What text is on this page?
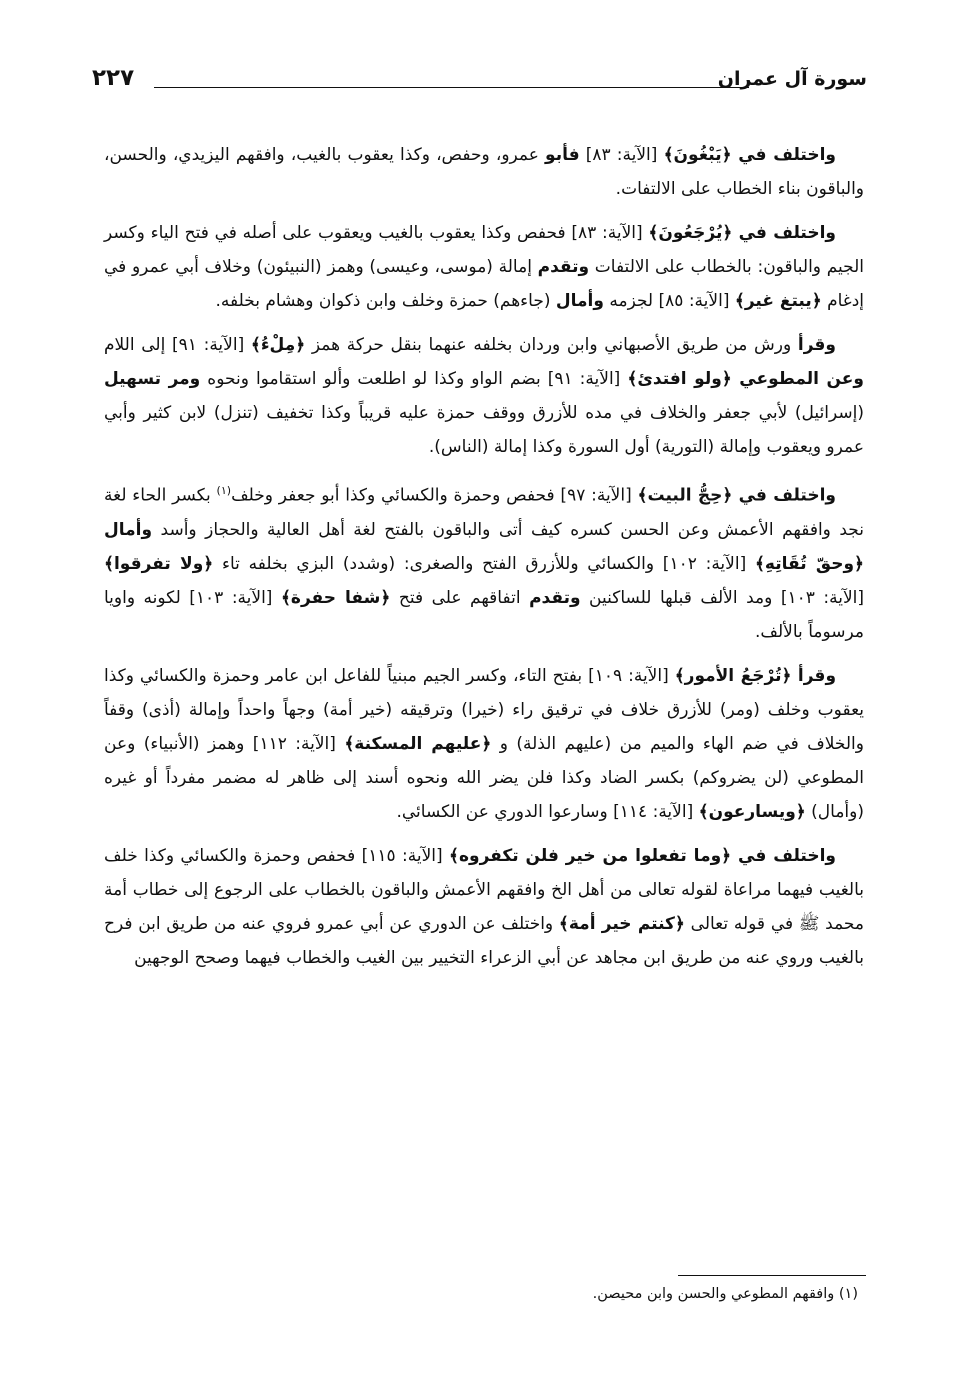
سورة آل عمران
٢٢٧

واختلف في ﴿يَبْغُونَ﴾ [الآية: ٨٣] فأبو عمرو، وحفص، وكذا يعقوب بالغيب، وافقهم اليزيدي، والحسن، والباقون بناء الخطاب على الالتفات.

واختلف في ﴿يُرْجَعُونَ﴾ [الآية: ٨٣] فحفص وكذا يعقوب بالغيب ويعقوب على أصله في فتح الياء وكسر الجيم والباقون: بالخطاب على الالتفات وتقدم إمالة (موسى، وعيسى) وهمز (النبيئون) وخلاف أبي عمرو في إدغام ﴿يبتغ غير﴾ [الآية: ٨٥] لجزمه وأمال (جاءهم) حمزة وخلف وابن ذكوان وهشام بخلفه.

وقرأ ورش من طريق الأصبهاني وابن وردان بخلفه عنهما بنقل حركة همز ﴿مِلْءُ﴾ [الآية: ٩١] إلى اللام وعن المطوعي ﴿ولو افتدئ﴾ [الآية: ٩١] بضم الواو وكذا لو اطلعت وألو استقاموا ونحوه ومر تسهيل (إسرائيل) لأبي جعفر والخلاف في مده للأزرق ووقف حمزة عليه قريباً وكذا تخفيف (تنزل) لابن كثير وأبي عمرو ويعقوب وإمالة (التورية) أول السورة وكذا إمالة (الناس).

واختلف في ﴿حِجُّ البيت﴾ [الآية: ٩٧] فحفص وحمزة والكسائي وكذا أبو جعفر وخلف$^{(١)}$ بكسر الحاء لغة نجد وافقهم الأعمش وعن الحسن كسره كيف أتى والباقون بالفتح لغة أهل العالية والحجاز وأسد وأمال ﴿وحقّ تُقَاتِهِ﴾ [الآية: ١٠٢] والكسائي وللأزرق الفتح والصغرى: (وشدد) البزي بخلفه تاء ﴿ولا تفرقوا﴾ [الآية: ١٠٣] ومد الألف قبلها للساكنين وتقدم اتفاقهم على فتح ﴿شفا حفرة﴾ [الآية: ١٠٣] لكونه واويا مرسوماً بالألف.

وقرأ ﴿تُرْجَعُ الأمور﴾ [الآية: ١٠٩] بفتح التاء، وكسر الجيم مبنياً للفاعل ابن عامر وحمزة والكسائي وكذا يعقوب وخلف (ومر) للأزرق خلاف في ترقيق راء (خيرا) وترقيقه (خير أمة) وجهاً واحداً وإمالة (أذى) وقفاً والخلاف في ضم الهاء والميم من (عليهم الذلة) و ﴿عليهم المسكنة﴾ [الآية: ١١٢] وهمز (الأنبياء) وعن المطوعي (لن يضروكم) بكسر الضاد وكذا فلن يضر الله ونحوه أسند إلى ظاهر له مضمر مفرداً أو غيره (وأمال) ﴿ويسارعون﴾ [الآية: ١١٤] وسارعوا الدوري عن الكسائي.

واختلف في ﴿وما تفعلوا من خير فلن تكفروه﴾ [الآية: ١١٥] فحفص وحمزة والكسائي وكذا خلف بالغيب فيهما مراعاة لقوله تعالى من أهل الخ وافقهم الأعمش والباقون بالخطاب على الرجوع إلى خطاب أمة محمد ﷺ في قوله تعالى ﴿كنتم خير أمة﴾ واختلف عن الدوري عن أبي عمرو فروي عنه من طريق ابن فرح بالغيب وروي عنه من طريق ابن مجاهد عن أبي الزعراء التخيير بين الغيب والخطاب فيهما وصحح الوجهين

(١) وافقهم المطوعي والحسن وابن محيصن.
